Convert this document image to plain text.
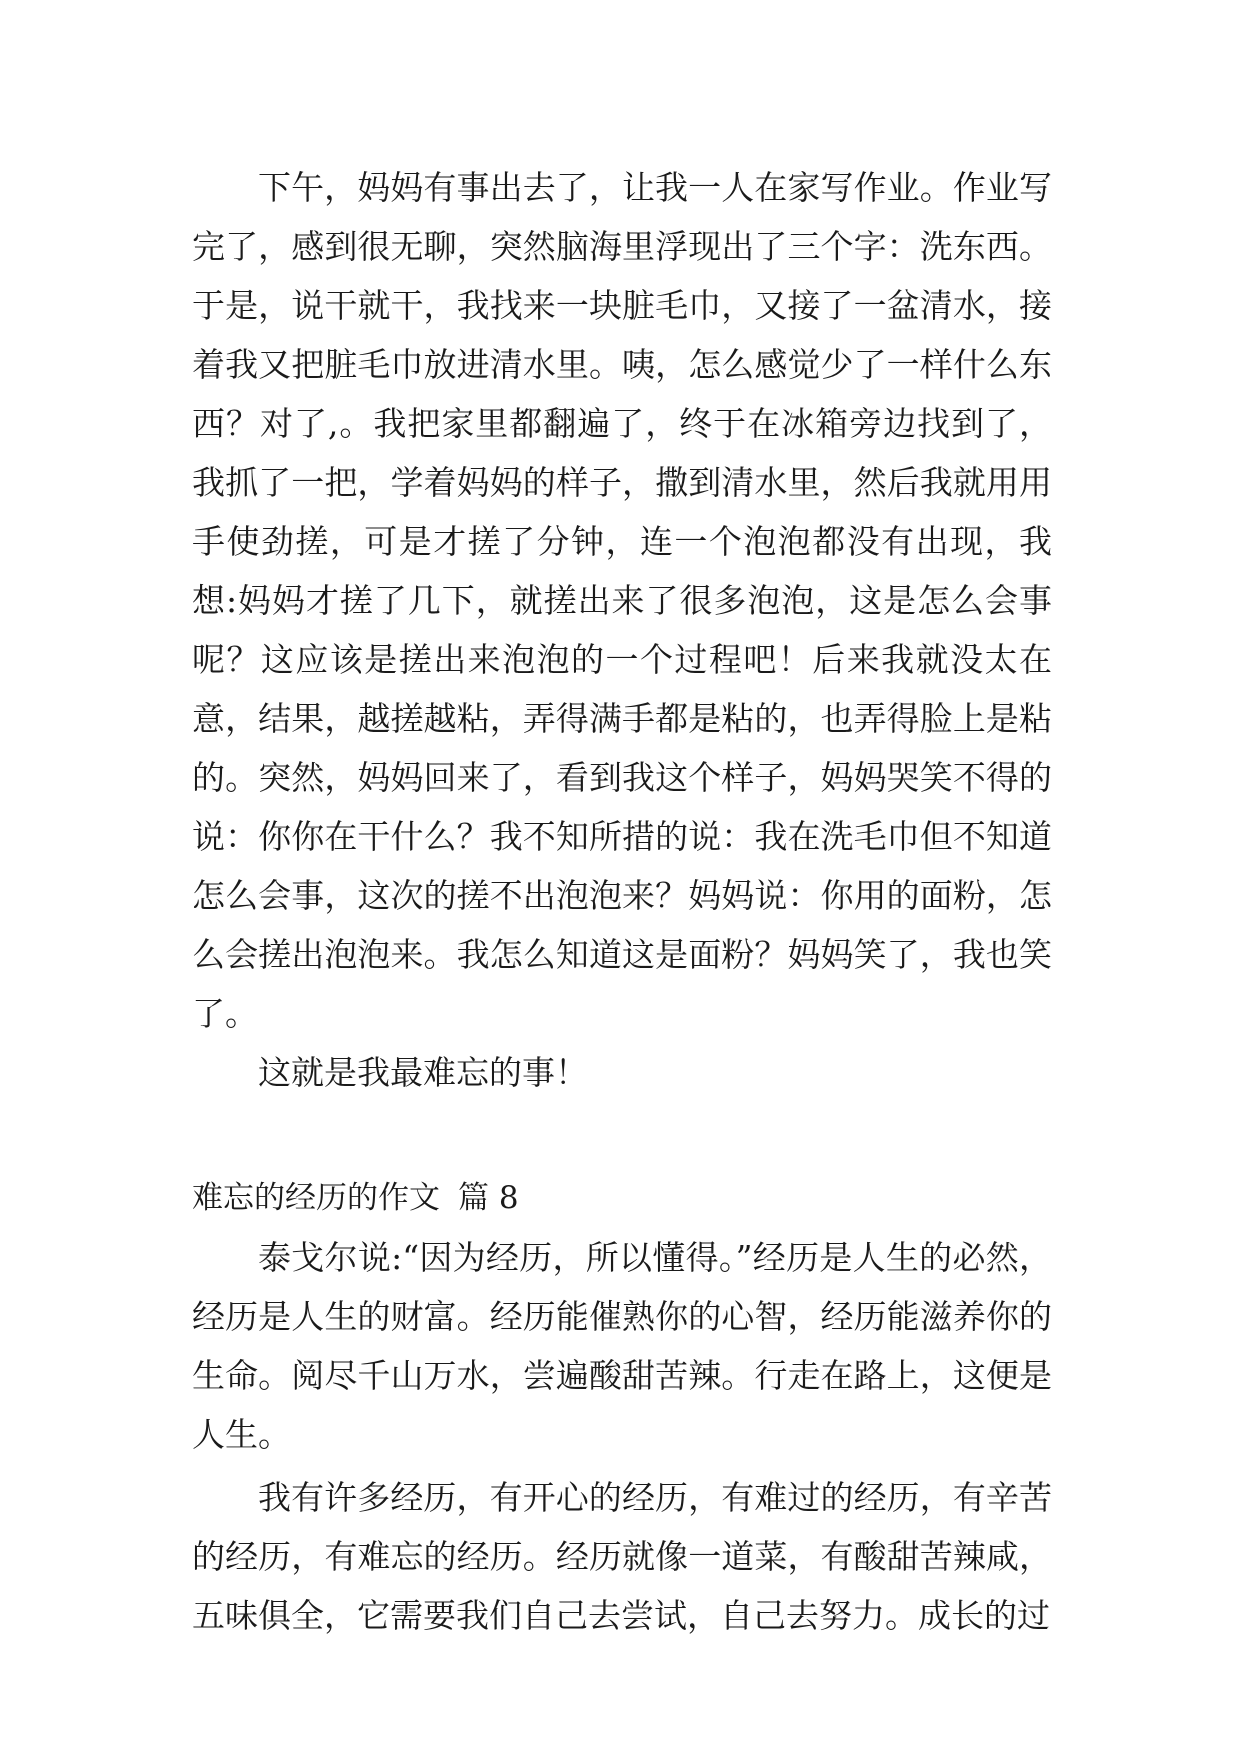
下午，妈妈有事出去了，让我一人在家写作业。作业写完了，感到很无聊，突然脑海里浮现出了三个字：洗东西。于是，说干就干，我找来一块脏毛巾，又接了一盆清水，接着我又把脏毛巾放进清水里。咦，怎么感觉少了一样什么东西？对了,。我把家里都翻遍了，终于在冰箱旁边找到了，我抓了一把，学着妈妈的样子，撒到清水里，然后我就用用手使劲搓，可是才搓了分钟，连一个泡泡都没有出现，我想:妈妈才搓了几下，就搓出来了很多泡泡，这是怎么会事呢？这应该是搓出来泡泡的一个过程吧！后来我就没太在意，结果，越搓越粘，弄得满手都是粘的，也弄得脸上是粘的。突然，妈妈回来了，看到我这个样子，妈妈哭笑不得的说：你你在干什么？我不知所措的说：我在洗毛巾但不知道怎么会事，这次的搓不出泡泡来？妈妈说：你用的面粉，怎么会搓出泡泡来。我怎么知道这是面粉？妈妈笑了，我也笑了。

这就是我最难忘的事！

难忘的经历的作文 篇 8

泰戈尔说:“因为经历，所以懂得。”经历是人生的必然，经历是人生的财富。经历能催熟你的心智，经历能滋养你的生命。阅尽千山万水，尝遍酸甜苦辣。行走在路上，这便是人生。

我有许多经历，有开心的经历，有难过的经历，有辛苦的经历，有难忘的经历。经历就像一道菜，有酸甜苦辣咸，五味俱全，它需要我们自己去尝试，自己去努力。成长的过
